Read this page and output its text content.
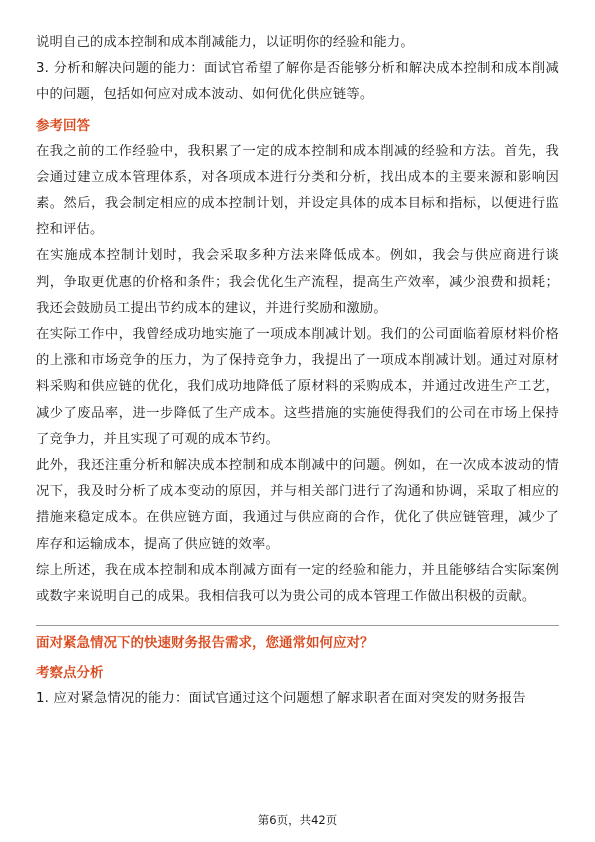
说明自己的成本控制和成本削减能力，以证明你的经验和能力。

3. 分析和解决问题的能力：面试官希望了解你是否能够分析和解决成本控制和成本削减中的问题，包括如何应对成本波动、如何优化供应链等。

参考回答

在我之前的工作经验中，我积累了一定的成本控制和成本削减的经验和方法。首先，我会通过建立成本管理体系，对各项成本进行分类和分析，找出成本的主要来源和影响因素。然后，我会制定相应的成本控制计划，并设定具体的成本目标和指标，以便进行监控和评估。

在实施成本控制计划时，我会采取多种方法来降低成本。例如，我会与供应商进行谈判，争取更优惠的价格和条件；我会优化生产流程，提高生产效率，减少浪费和损耗；我还会鼓励员工提出节约成本的建议，并进行奖励和激励。

在实际工作中，我曾经成功地实施了一项成本削减计划。我们的公司面临着原材料价格的上涨和市场竞争的压力，为了保持竞争力，我提出了一项成本削减计划。通过对原材料采购和供应链的优化，我们成功地降低了原材料的采购成本，并通过改进生产工艺，减少了废品率，进一步降低了生产成本。这些措施的实施使得我们的公司在市场上保持了竞争力，并且实现了可观的成本节约。

此外，我还注重分析和解决成本控制和成本削减中的问题。例如，在一次成本波动的情况下，我及时分析了成本变动的原因，并与相关部门进行了沟通和协调，采取了相应的措施来稳定成本。在供应链方面，我通过与供应商的合作，优化了供应链管理，减少了库存和运输成本，提高了供应链的效率。

综上所述，我在成本控制和成本削减方面有一定的经验和能力，并且能够结合实际案例或数字来说明自己的成果。我相信我可以为贵公司的成本管理工作做出积极的贡献。

面对紧急情况下的快速财务报告需求，您通常如何应对？

考察点分析

1. 应对紧急情况的能力：面试官通过这个问题想了解求职者在面对突发的财务报告

第6页，共42页
